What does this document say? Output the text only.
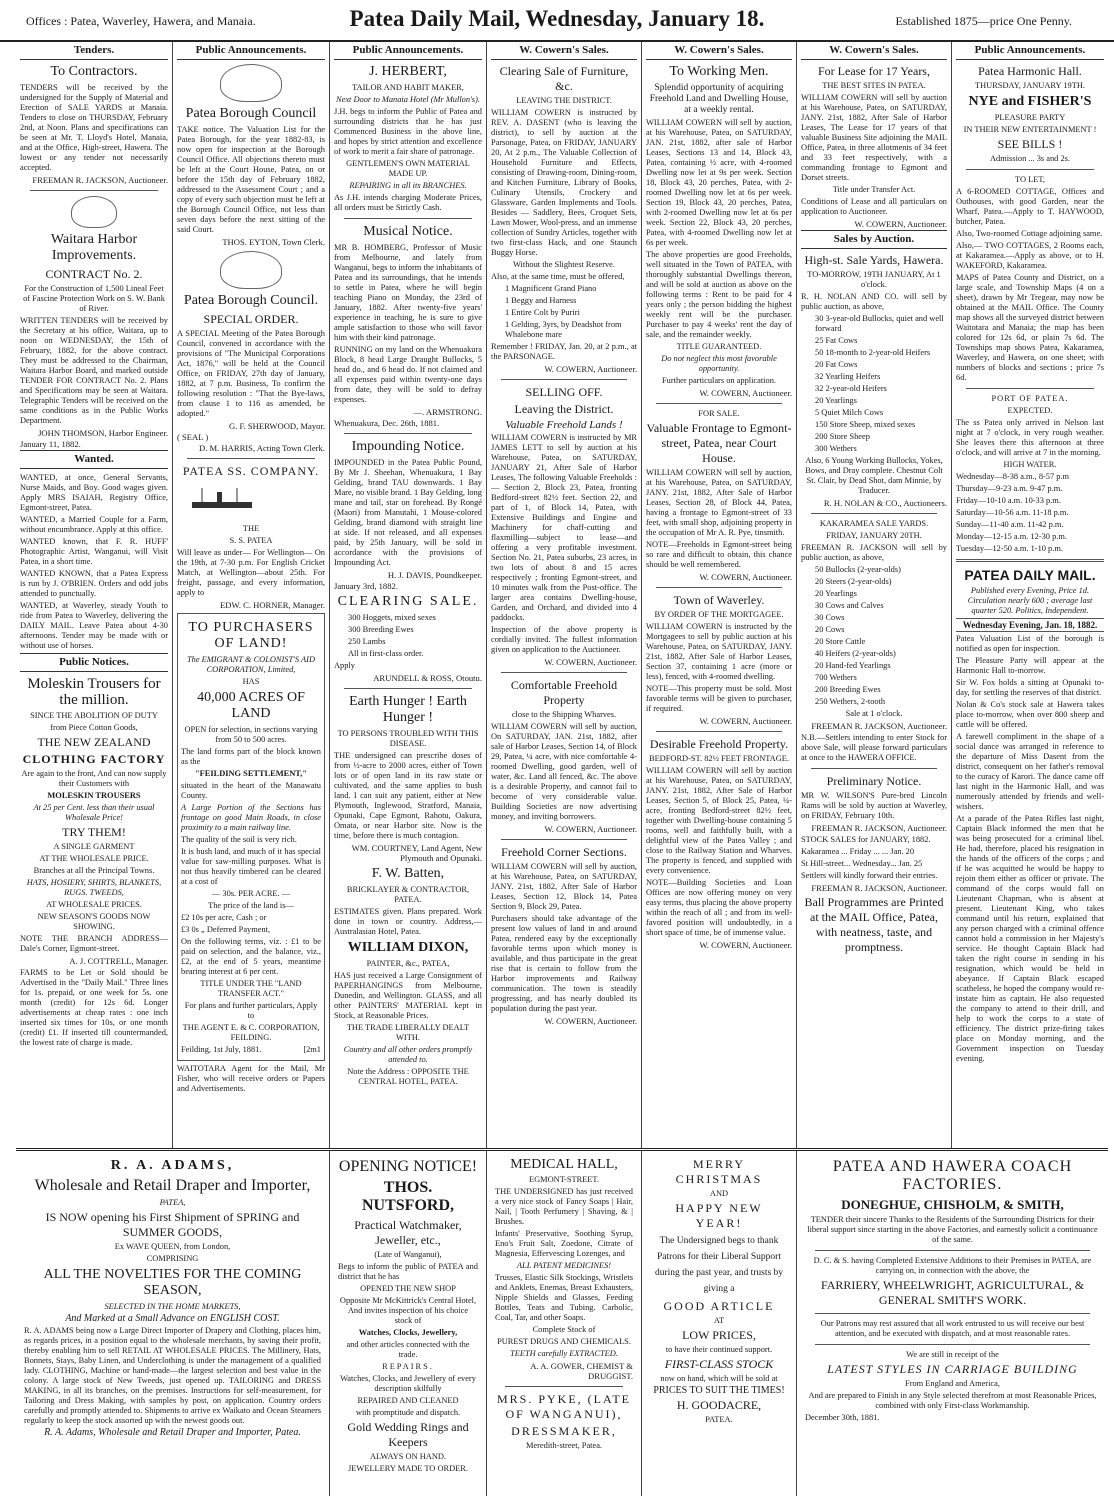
Offices : Patea, Waverley, Hawera, and Manaia.	Patea Daily Mail, Wednesday, January 18.	Established 1875—price One Penny.
Tenders.
To Contractors.
TENDERS will be received by the undersigned for the Supply of Material and Erection of SALE YARDS at Manaia. Tenders to close on THURSDAY, February 2nd, at Noon. Plans and specifications can be seen at Mr. T. Lloyd's Hotel, Manaia, and at the Office, High-street, Hawera. The lowest or any tender not necessarily accepted.
FREEMAN R. JACKSON, Auctioneer.
Waitara Harbor Improvements.
CONTRACT No. 2.
For the Construction of 1,500 Lineal Feet of Fascine Protection Work on S. W. Bank of River.
WRITTEN TENDERS will be received by the Secretary at his office, Waitara, up to noon on WEDNESDAY, the 15th of February, 1882, for the above contract. They must be addressed to the Chairman, Waitara Harbor Board, and marked outside TENDER FOR CONTRACT No. 2. Plans and Specifications may be seen at Waitara. Telegraphic Tenders will be received on the same conditions as in the Public Works Department.
JOHN THOMSON, Harbor Engineer.
January 11, 1882.
Wanted.
WANTED, at once, General Servants, Nurse Maids, and Boy. Good wages given. Apply MRS ISAIAH, Registry Office, Egmont-street, Patea.
WANTED, a Married Couple for a Farm, without encumbrance. Apply at this office.
WANTED known, that F. R. HUFF' Photographic Artist, Wanganui, will Visit Patea, in a short time.
WANTED KNOWN, that a Patea Express is run by J. O'BRIEN. Orders and odd jobs attended to punctually.
WANTED, at Waverley, steady Youth to ride from Patea to Waverley, delivering the DAILY MAIL. Leave Patea about 4-30 afternoons. Tender may be made with or without use of horses.
Public Notices.
Moleskin Trousers for the million.
SINCE THE ABOLITION OF DUTY
from Piece Cotton Goods,
THE NEW ZEALAND
CLOTHING FACTORY
Are again to the front, And can now supply their Customers with
MOLESKIN TROUSERS
At 25 per Cent. less than their usual Wholesale Price!
TRY THEM!
A SINGLE GARMENT
AT THE WHOLESALE PRICE.
Branches at all the Principal Towns.
HATS, HOSIERY, SHIRTS, BLANKETS, RUGS. TWEEDS,
AT WHOLESALE PRICES.
NEW SEASON'S GOODS NOW SHOWING.
NOTE THE BRANCH ADDRESS— Dale's Corner, Egmont-street.
A. J. COTTRELL, Manager.
FARMS to be Let or Sold should be Advertised in the "Daily Mail." Three lines for 1s. prepaid, or one week for 5s. one month (credit) for 12s 6d. Longer advertisements at cheap rates : one inch inserted six times for 10s, or one month (credit) £1. If inserted till countermanded, the lowest rate of charge is made.
Public Announcements.
Patea Borough Council
TAKE notice. The Valuation List for the Patea Borough, for the year 1882-83, is now open for inspection at the Borough Council Office. All objections thereto must be left at the Court House, Patea, on or before the 15th day of February 1882, addressed to the Assessment Court ; and a copy of every such objection must be left at the Borough Council Office, not less than seven days before the next sitting of the said Court.
THOS. EYTON, Town Clerk.
Patea Borough Council.
SPECIAL ORDER.
A SPECIAL Meeting of the Patea Borough Council, convened in accordance with the provisions of "The Municipal Corporations Act, 1876," will be held at the Council Office, on FRIDAY, 27th day of January, 1882, at 7 p.m. Business, To confirm the following resolution : "That the Bye-laws, from clause 1 to 116 as amended, be adopted."
G. F. SHERWOOD, Mayor.
( SEAL )
D. M. HARRIS, Acting Town Clerk.
PATEA SS. COMPANY.
THE
S. S. PATEA
Will leave as under— For Wellington— On the 19th, at 7-30 p.m. For English Cricket Match, at Wellington—about 25th. For freight, passage, and every information, apply to
EDW. C. HORNER, Manager.
TO PURCHASERS OF LAND!
The EMIGRANT & COLONIST'S AID CORPORATION, Limited,
HAS
40,000 ACRES OF LAND
OPEN for selection, in sections varying from 50 to 500 acres.
The land forms part of the block known as the
"FEILDING SETTLEMENT,"
situated in the heart of the Manawatu County.
A Large Portion of the Sections has frontage on good Main Roads, in close proximity to a main railway line.
The quality of the soil is very rich.
It is bush land, and much of it has special value for saw-milling purposes. What is not thus heavily timbered can be cleared at a cost of
— 30s. PER ACRE. —
The price of the land is—
£2 10s per acre, Cash ; or
£3 0s „ Deferred Payment,
On the following terms, viz. : £1 to be paid on selection, and the balance, viz., £2, at the end of 5 years, meantime bearing interest at 6 per cent.
TITLE UNDER THE "LAND TRANSFER ACT."
For plans and further particulars, Apply to
THE AGENT E. & C. CORPORATION, FEILDING.
Feilding, 1st July, 1881.	[2m1
WAITOTARA Agent for the Mail, Mr Fisher, who will receive orders or Papers and Advertisements.
Public Announcements.
J. HERBERT,
TAILOR AND HABIT MAKER,
Next Door to Manaia Hotel (Mr Mullon's).
J.H. begs to inform the Public of Patea and surrounding districts that he has just Commenced Business in the above line, and hopes by strict attention and excellence of work to merit a fair share of patronage.
GENTLEMEN'S OWN MATERIAL MADE UP.
REPAIRING in all its BRANCHES.
As J.H. intends charging Moderate Prices, all orders must be Strictly Cash.
Musical Notice.
MR B. HOMBERG, Professor of Music from Melbourne, and lately from Wanganui, begs to inform the inhabitants of Patea and its surroundings, that he intends to settle in Patea, where he will begin teaching Piano on Monday, the 23rd of January, 1882. After twenty-five years' experience in teaching, he is sure to give ample satisfaction to those who will favor him with their kind patronage.
RUNNING on my land on the Whenuakura Block, 8 head Large Draught Bullocks, 5 head do., and 6 head do. If not claimed and all expenses paid within twenty-one days from date, they will be sold to defray expenses.
—. ARMSTRONG.
Whenuakura, Dec. 26th, 1881.
Impounding Notice.
IMPOUNDED in the Patea Public Pound, By Mr J. Sheehan, Whenuakura, 1 Bay Gelding, brand TAU downwards. 1 Bay Mare, no visible brand. 1 Bay Gelding, long mane and tail, star on forehead. By Rongé (Maori) from Manutahi, 1 Mouse-colored Gelding, brand diamond with straight line at side. If not released, and all expenses paid, by 25th January, will be sold in accordance with the provisions of Impounding Act.
H. J. DAVIS, Poundkeeper.
January 3rd, 1882.
CLEARING SALE.
300 Hoggets, mixed sexes
300 Breeding Ewes
250 Lambs
All in first-class order.
Apply
ARUNDELL & ROSS, Otoutu.
Earth Hunger ! Earth Hunger !
TO PERSONS TROUBLED WITH THIS DISEASE.
THE undersigned can prescribe doses of from ½-acre to 2000 acres, either of Town lots or of open land in its raw state or cultivated, and the same applies to bush land. I can suit any patient, either at New Plymouth, Inglewood, Stratford, Manaia, Opunaki, Cape Egmont, Rahotu, Oakura, Omata, or near Harbor site. Now is the time, before there is much contagion.
WM. COURTNEY, Land Agent, New Plymouth and Opunaki.
F. W. Batten,
BRICKLAYER & CONTRACTOR, PATEA.
ESTIMATES given. Plans prepared. Work done in town or country. Address,—Australasian Hotel, Patea.
WILLIAM DIXON,
PAINTER, &c., PATEA,
HAS just received a Large Consignment of PAPERHANGINGS from Melbourne, Dunedin, and Wellington. GLASS, and all other PAINTERS' MATERIAL kept in Stock, at Reasonable Prices.
THE TRADE LIBERALLY DEALT WITH.
Country and all other orders promptly attended to.
Note the Address : OPPOSITE THE CENTRAL HOTEL, PATEA.
W. Cowern's Sales.
Clearing Sale of Furniture, &c.
LEAVING THE DISTRICT.
WILLIAM COWERN is instructed by REV. A. DASENT (who is leaving the district), to sell by auction at the Parsonage, Patea, on FRIDAY, JANUARY 20, At 2 p.m., The Valuable Collection of Household Furniture and Effects, consisting of Drawing-room, Dining-room, and Kitchen Furniture, Library of Books, Culinary Utensils, Crockery and Glassware, Garden Implements and Tools. Besides — Saddlery, Bees, Croquet Sets, Lawn Mower, Wool-press, and an immense collection of Sundry Articles, together with two first-class Hack, and one Staunch Buggy Horse.
Without the Slightest Reserve.
Also, at the same time, must be offered,
1 Magnificent Grand Piano
1 Beggy and Harness
1 Entire Colt by Puriri
1 Gelding, 3yrs, by Deadshot from Whalebone mare
Remember ! FRIDAY, Jan. 20, at 2 p.m., at the PARSONAGE.
W. COWERN, Auctioneer.
SELLING OFF.
Leaving the District.
Valuable Freehold Lands !
WILLIAM COWERN is instructed by MR JAMES LETT to sell by auction at his Warehouse, Patea, on SATURDAY, JANUARY 21, After Sale of Harbor Leases, The following Valuable Freeholds :— Section 2, Block 23, Patea, fronting Bedford-street 82½ feet. Section 22, and part of 1, of Block 14, Patea, with Extensive Buildings and Engine and Machinery for chaff-cutting and flaxmilling—subject to lease—and offering a very profitable investment. Section No. 21, Patea suburbs, 23 acres, in two lots of about 8 and 15 acres respectively ; fronting Egmont-street, and 10 minutes walk from the Post-office. The larger area contains Dwelling-house, Garden, and Orchard, and divided into 4 paddocks.
Inspection of the above property is cordially invited. The fullest information given on application to the Auctioneer.
W. COWERN, Auctioneer.
Comfortable Freehold Property
close to the Shipping Wharves.
WILLIAM COWERN will sell by auction, On SATURDAY, JAN. 21st, 1882, after sale of Harbor Leases, Section 14, of Block 29, Patea, ¼ acre, with nice comfortable 4-roomed Dwelling, good garden, well of water, &c. Land all fenced, &c. The above is a desirable Property, and cannot fail to become of very considerable value. Building Societies are now advertising money, and inviting borrowers.
W. COWERN, Auctioneer.
Freehold Corner Sections.
WILLIAM COWERN will sell by auction, at his Warehouse, Patea, on SATURDAY, JANY. 21st, 1882, After Sale of Harbor Leases, Section 12, Block 14, Patea Section 9, Block 29, Patea.
Purchasers should take advantage of the present low values of land in and around Patea, rendered easy by the exceptionally favorable terms upon which money is available, and thus participate in the great rise that is certain to follow from the Harbor improvements and Railway communication. The town is steadily progressing, and has nearly doubled its population during the past year.
W. COWERN, Auctioneer.
W. Cowern's Sales.
To Working Men.
Splendid opportunity of acquiring Freehold Land and Dwelling House, at a weekly rental.
WILLIAM COWERN will sell by auction, at his Warehouse, Patea, on SATURDAY, JAN. 21st, 1882, after sale of Harbor Leases, Sections 13 and 14, Block 43, Patea, containing ½ acre, with 4-roomed Dwelling now let at 9s per week. Section 18, Block 43, 20 perches, Patea, with 2-roomed Dwelling now let at 6s per week. Section 19, Block 43, 20 perches, Patea, with 2-roomed Dwelling now let at 6s per week. Section 22, Block 43, 20 perches, Patea, with 4-roomed Dwelling now let at 6s per week.
The above properties are good Freeholds, well situated in the Town of PATEA, with thoroughly substantial Dwellings thereon, and will be sold at auction as above on the following terms : Rent to be paid for 4 years only ; the person bidding the highest weekly rent will be the purchaser. Purchaser to pay 4 weeks' rent the day of sale, and the remainder weekly.
TITLE GUARANTEED.
Do not neglect this most favorable opportunity.
Further particulars on application.
W. COWERN, Auctioneer.
FOR SALE.
Valuable Frontage to Egmont-street, Patea, near Court House.
WILLIAM COWERN will sell by auction, at his Warehouse, Patea, on SATURDAY, JANY. 21st, 1882, After Sale of Harbor Leases, Section 28, of Block 44, Patea, having a frontage to Egmont-street of 33 feet, with small shop, adjoining property in the occupation of Mr A. R. Pye, tinsmith.
NOTE—Freeholds in Egmont-street being so rare and difficult to obtain, this chance should be well remembered.
W. COWERN, Auctioneer.
Town of Waverley.
BY ORDER OF THE MORTGAGEE.
WILLIAM COWERN is instructed by the Mortgagees to sell by public auction at his Warehouse, Patea, on SATURDAY, JANY. 21st, 1882, After Sale of Harbor Leases, Section 37, containing 1 acre (more or less), fenced, with 4-roomed dwelling.
NOTE—This property must be sold. Most favorable terms will be given to purchaser, if required.
W. COWERN, Auctioneer.
Desirable Freehold Property.
BEDFORD-ST. 82½ FEET FRONTAGE.
WILLIAM COWERN will sell by auction at his Warehouse, Patea, on SATURDAY, JANY. 21st, 1882, After Sale of Harbor Leases, Section 5, of Block 25, Patea, ¼-acre, fronting Bedford-street 82½ feet, together with Dwelling-house containing 5 rooms, well and faithfully built, with a delightful view of the Patea Valley ; and close to the Railway Station and Wharves. The property is fenced, and supplied with every convenience.
NOTE—Building Societies and Loan Offices are now offering money on very easy terms, thus placing the above property within the reach of all ; and from its well-favored position will undoubtedly, in a short space of time, be of immense value.
W. COWERN, Auctioneer.
W. Cowern's Sales.
For Lease for 17 Years,
THE BEST SITES IN PATEA.
WILLIAM COWERN will sell by auction at his Warehouse, Patea, on SATURDAY, JANY. 21st, 1882, After Sale of Harbor Leases, The Lease for 17 years of that valuable Business Site adjoining the MAIL Office, Patea, in three allotments of 34 feet and 33 feet respectively, with a commanding frontage to Egmont and Dorset streets.
Title under Transfer Act.
Conditions of Lease and all particulars on application to Auctioneer.
W. COWERN, Auctioneer.
Sales by Auction.
High-st. Sale Yards, Hawera.
TO-MORROW, 19TH JANUARY, At 1 o'clock.
R. H. NOLAN AND CO. will sell by public auction, as above,
30 3-year-old Bullocks, quiet and well forward
25 Fat Cows
50 18-month to 2-year-old Heifers
20 Fat Cows
32 Yearling Heifers
32 2-year-old Heifers
20 Yearlings
5 Quiet Milch Cows
150 Store Sheep, mixed sexes
200 Store Sheep
300 Wethers
Also, 6 Young Working Bullocks, Yokes, Bows, and Dray complete. Chestnut Colt St. Clair, by Dead Shot, dam Minnie, by Traducer.
R. H. NOLAN & CO., Auctioneers.
KAKARAMEA SALE YARDS.
FRIDAY, JANUARY 20TH.
FREEMAN R. JACKSON will sell by public auction, as above,
50 Bullocks (2-year-olds)
20 Steers (2-year-olds)
20 Yearlings
30 Cows and Calves
30 Cows
20 Cows
20 Store Cattle
40 Heifers (2-year-olds)
20 Hand-fed Yearlings
700 Wethers
200 Breeding Ewes
250 Wethers, 2-tooth
Sale at 1 o'clock.
FREEMAN R. JACKSON, Auctioneer.
N.B.—Settlers intending to enter Stock for above Sale, will please forward particulars at once to the HAWERA OFFICE.
Preliminary Notice.
MR W. WILSON'S Pure-bred Lincoln Rams will be sold by auction at Waverley, on FRIDAY, February 10th.
FREEMAN R. JACKSON, Auctioneer.
STOCK SALES for JANUARY, 1882.
Kakaramea ... Friday ... ... Jan. 20
St Hill-street... Wednesday... Jan. 25
Settlers will kindly forward their entries.
FREEMAN R. JACKSON, Auctioneer.
Ball Programmes are Printed at the MAIL Office, Patea, with neatness, taste, and promptness.
Public Announcements.
Patea Harmonic Hall.
THURSDAY, JANUARY 19TH.
NYE and FISHER'S
PLEASURE PARTY
IN THEIR NEW ENTERTAINMENT !
SEE BILLS !
Admission ... 3s and 2s.
TO LET,
A 6-ROOMED COTTAGE, Offices and Outhouses, with good Garden, near the Wharf, Patea.—Apply to T. HAYWOOD, butcher, Patea.
Also, Two-roomed Cottage adjoining same.
Also,— TWO COTTAGES, 2 Rooms each, at Kakaramea.—Apply as above, or to H. WAKEFORD, Kakaramea.
MAPS of Patea County and District, on a large scale, and Township Maps (4 on a sheet), drawn by Mr Tregear, may now be obtained at the MAIL Office. The County map shows all the surveyed district between Waitotara and Manaia; the map has been colored for 12s 6d, or plain 7s 6d. The Townships map shows Patea, Kakaramea, Waverley, and Hawera, on one sheet; with numbers of blocks and sections ; price 7s 6d.
PORT OF PATEA.
EXPECTED.
The ss Patea only arrived in Nelson last night at 7 o'clock, in very rough weather. She leaves there this afternoon at three o'clock, and will arrive at 7 in the morning.
HIGH WATER.
Wednesday—8-38 a.m., 8-57 p.m
Thursday—9-23 a.m. 9-47 p.m.
Friday—10-10 a.m. 10-33 p.m.
Saturday—10-56 a.m. 11-18 p.m.
Sunday—11-40 a.m. 11-42 p.m.
Monday—12-15 a.m. 12-30 p.m.
Tuesday—12-50 a.m. 1-10 p.m.
PATEA DAILY MAIL.
Published every Evening, Price 1d. Circulation nearly 600 ; average last quarter 520. Politics, Independent.
Wednesday Evening, Jan. 18, 1882.
Patea Valuation List of the borough is notified as open for inspection.
The Pleasure Party will appear at the Harmonic Hall to-morrow.
Sir W. Fox holds a sitting at Opunaki to-day, for settling the reserves of that district.
Nolan & Co's stock sale at Hawera takes place to-morrow, when over 800 sheep and cattle will be offered.
A farewell compliment in the shape of a social dance was arranged in reference to the departure of Miss Dasent from the district, consequent on her father's removal to the curacy of Karori. The dance came off last night in the Harmonic Hall, and was numerously attended by friends and well-wishers.
At a parade of the Patea Rifles last night, Captain Black informed the men that he was being prosecuted for a criminal libel. He had, therefore, placed his resignation in the hands of the officers of the corps ; and if he was acquitted he would be happy to rejoin them either as officer or private. The command of the corps would fall on Lieutenant Chapman, who is absent at present. Lieutenant King, who takes command until his return, explained that any person charged with a criminal offence cannot hold a commission in her Majesty's service. He thought Captain Black had taken the right course in sending in his resignation, which would be held in abeyance. If Captain Black escaped scatheless, he hoped the company would re-instate him as captain. He also requested the company to attend to their drill, and help to work the corps to a state of efficiency. The district prize-firing takes place on Monday morning, and the Government inspection on Tuesday evening.
R. A. ADAMS,
Wholesale and Retail Draper and Importer,
PATEA,
IS NOW opening his First Shipment of SPRING and SUMMER GOODS,
Ex WAVE QUEEN, from London,
COMPRISING
ALL THE NOVELTIES FOR THE COMING SEASON,
SELECTED IN THE HOME MARKETS,
And Marked at a Small Advance on ENGLISH COST.
R. A. ADAMS being now a Large Direct Importer of Drapery and Clothing, places him, as regards prices, in a position equal to the wholesale merchants, by saving their profit, thereby enabling him to sell RETAIL AT WHOLESALE PRICES. The Millinery, Hats, Bonnets, Stays, Baby Linen, and Underclothing is under the management of a qualified lady. CLOTHING, Machine or hand-made—the largest selection and best value in the colony. A large stock of New Tweeds, just opened up. TAILORING and DRESS MAKING, in all its branches, on the premises. Instructions for self-measurement, for Tailoring and Dress Making, with samples by post, on application. Country orders carefully and promptly attended to. Shipments to arrive ex Waikato and Ocean Steamers regularly to keep the stock assorted up with the newest goods out.
R. A. Adams, Wholesale and Retail Draper and Importer, Patea.
OPENING NOTICE!
THOS. NUTSFORD,
Practical Watchmaker, Jeweller, etc.,
(Late of Wanganui),
Begs to inform the public of PATEA and district that he has
OPENED THE NEW SHOP
Opposite Mr McKittrick's Central Hotel, And invites inspection of his choice stock of
Watches, Clocks, Jewellery,
and other articles connected with the trade.
REPAIRS.
Watches, Clocks, and Jewellery of every description skilfully
REPAIRED AND CLEANED
with promptitude and dispatch.
Gold Wedding Rings and Keepers
ALWAYS ON HAND.
JEWELLERY MADE TO ORDER.
MEDICAL HALL,
EGMONT-STREET.
THE UNDERSIGNED has just received a very nice stock of Fancy Soaps | Hair, Nail, | Tooth Perfumery | Shaving, & | Brushes.
Infants' Preservative, Soothing Syrup, Eno's Fruit Salt, Zoedone, Citrate of Magnesia, Effervescing Lozenges, and
ALL PATENT MEDICINES!
Trusses, Elastic Silk Stockings, Wristlets and Anklets, Enemas, Breast Exhausters, Nipple Shields and Glasses, Feeding Bottles, Teats and Tubing. Carbolic, Coal, Tar, and other Soaps.
Complete Stock of
PUREST DRUGS AND CHEMICALS.
TEETH carefully EXTRACTED.
A. A. GOWER, CHEMIST & DRUGGIST.
MRS. PYKE, (LATE OF WANGANUI),
DRESSMAKER,
Meredith-street, Patea.
MERRY CHRISTMAS
AND
HAPPY NEW YEAR!
The Undersigned begs to thank Patrons for their Liberal Support during the past year, and trusts by giving a
GOOD ARTICLE
AT
LOW PRICES,
to have their continued support.
FIRST-CLASS STOCK
now on hand, which will be sold at
PRICES TO SUIT THE TIMES!
H. GOODACRE,
PATEA.
PATEA AND HAWERA COACH FACTORIES.
DONEGHUE, CHISHOLM, & SMITH,
TENDER their sincere Thanks to the Residents of the Surrounding Districts for their liberal support since starting in the above Factories, and earnestly solicit a continuance of the same.
D. C. & S. having Completed Extensive Additions to their Premises in PATEA, are carrying on, in connection with the above, the
FARRIERY, WHEELWRIGHT, AGRICULTURAL, & GENERAL SMITH'S WORK.
Our Patrons may rest assured that all work entrusted to us will receive our best attention, and be executed with dispatch, and at most reasonable rates.
We are still in receipt of the
LATEST STYLES IN CARRIAGE BUILDING
From England and America,
And are prepared to Finish in any Style selected therefrom at most Reasonable Prices, combined with only First-class Workmanship.
December 30th, 1881.
